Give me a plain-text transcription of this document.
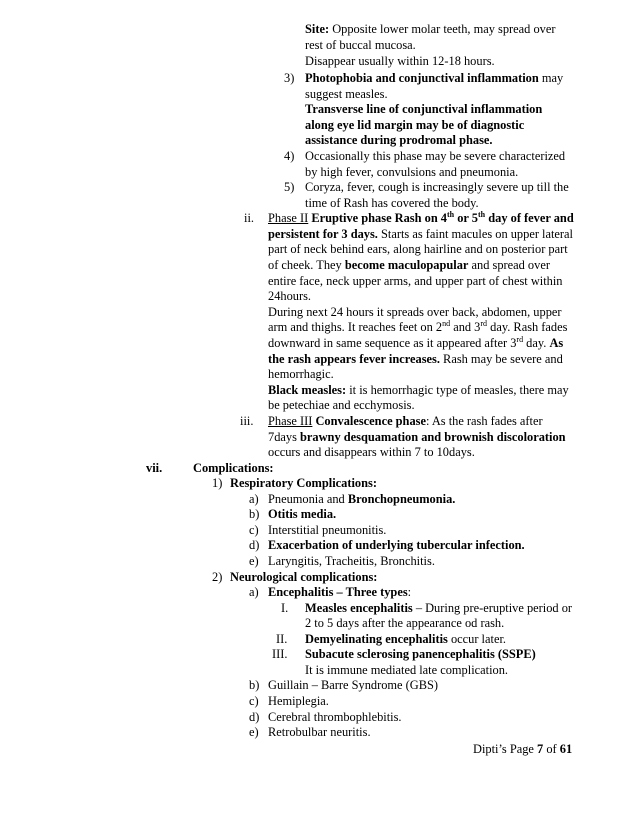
Site: Opposite lower molar teeth, may spread over
rest of buccal mucosa.
Disappear usually within 12-18 hours.
3) Photophobia and conjunctival inflammation may
suggest measles.
Transverse line of conjunctival inflammation
along eye lid margin may be of diagnostic
assistance during prodromal phase.
4) Occasionally this phase may be severe characterized
by high fever, convulsions and pneumonia.
5) Coryza, fever, cough is increasingly severe up till the
time of Rash has covered the body.
ii. Phase II Eruptive phase Rash on 4th or 5th day of fever and
persistent for 3 days. Starts as faint macules on upper lateral
part of neck behind ears, along hairline and on posterior part
of cheek. They become maculopapular and spread over
entire face, neck upper arms, and upper part of chest within
24hours.
During next 24 hours it spreads over back, abdomen, upper
arm and thighs. It reaches feet on 2nd and 3rd day. Rash fades
downward in same sequence as it appeared after 3rd day. As
the rash appears fever increases. Rash may be severe and
hemorrhagic.
Black measles: it is hemorrhagic type of measles, there may
be petechiae and ecchymosis.
iii. Phase III Convalescence phase: As the rash fades after
7days brawny desquamation and brownish discoloration
occurs and disappears within 7 to 10days.
vii. Complications:
1) Respiratory Complications:
a) Pneumonia and Bronchopneumonia.
b) Otitis media.
c) Interstitial pneumonitis.
d) Exacerbation of underlying tubercular infection.
e) Laryngitis, Tracheitis, Bronchitis.
2) Neurological complications:
a) Encephalitis – Three types:
I. Measles encephalitis – During pre-eruptive period or
2 to 5 days after the appearance od rash.
II. Demyelinating encephalitis occur later.
III. Subacute sclerosing panencephalitis (SSPE)
It is immune mediated late complication.
b) Guillain – Barre Syndrome (GBS)
c) Hemiplegia.
d) Cerebral thrombophlebitis.
e) Retrobulbar neuritis.
Dipti’s Page 7 of 61
